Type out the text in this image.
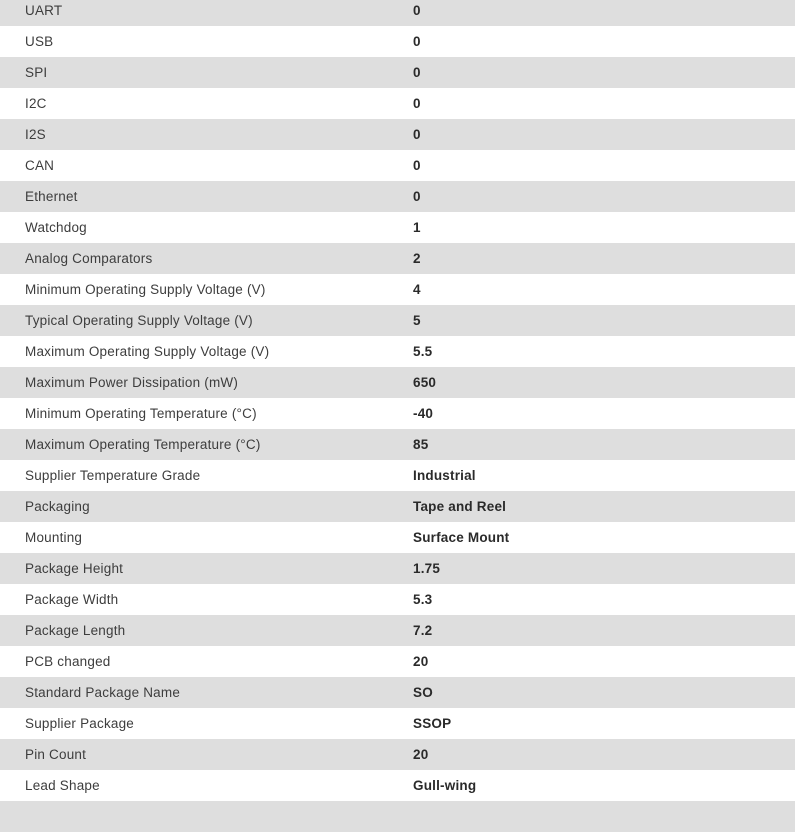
UART	0
USB	0
SPI	0
I2C	0
I2S	0
CAN	0
Ethernet	0
Watchdog	1
Analog Comparators	2
Minimum Operating Supply Voltage (V)	4
Typical Operating Supply Voltage (V)	5
Maximum Operating Supply Voltage (V)	5.5
Maximum Power Dissipation (mW)	650
Minimum Operating Temperature (°C)	-40
Maximum Operating Temperature (°C)	85
Supplier Temperature Grade	Industrial
Packaging	Tape and Reel
Mounting	Surface Mount
Package Height	1.75
Package Width	5.3
Package Length	7.2
PCB changed	20
Standard Package Name	SO
Supplier Package	SSOP
Pin Count	20
Lead Shape	Gull-wing
